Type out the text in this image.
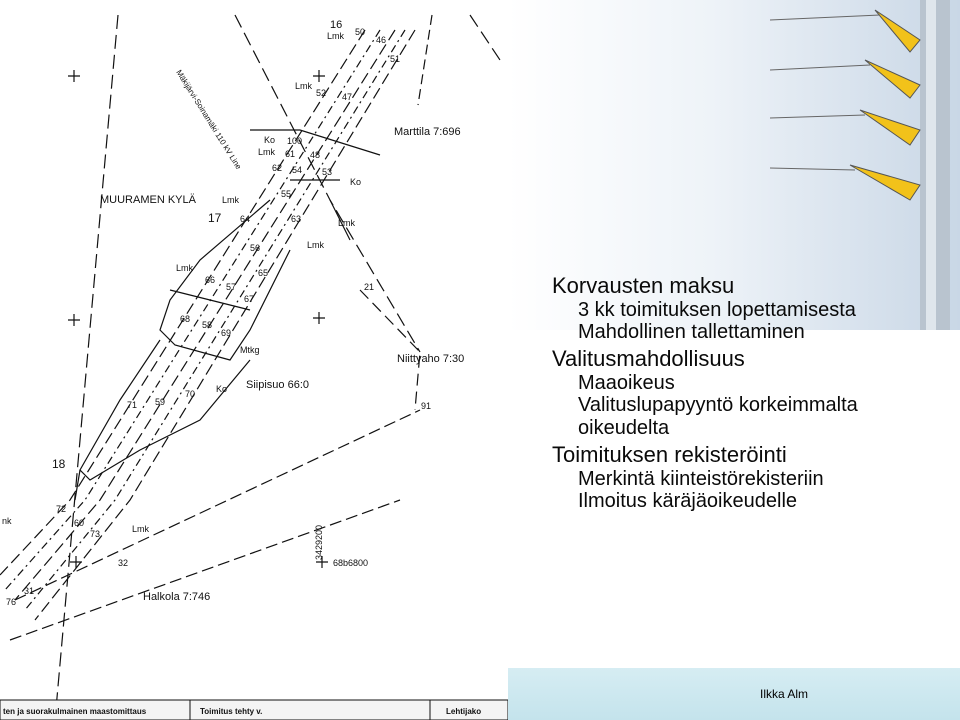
16
Lmk 50
46
51
52 47
Lmk
100
61 48
62 54 53
Ko
Lmk
Ko
55
63	Lmk
Lmk
17 64
56	Lmk
65
Lmk
66
57
67
21
68
58
69
Mtkg
Ko
70
59
71	91
18
72
60
73	Lmk
32
31
76
nk
Marttila 7:696
MUURAMEN KYLÄ
Siipisuo 66:0
Niittyaho 7:30
Halkola 7:746
Mäkijärvi-Soinamäki 110 kV Line
3429200
68b6800
ten ja suorakulmainen maastomittaus	Toimitus tehty v.	Lehtijako
Korvausten maksu
3 kk toimituksen lopettamisesta
Mahdollinen tallettaminen
Valitusmahdollisuus
Maaoikeus
Valituslupapyyntö korkeimmalta oikeudelta
Toimituksen rekisteröinti
Merkintä kiinteistörekisteriin
Ilmoitus käräjäoikeudelle
Ilkka Alm
